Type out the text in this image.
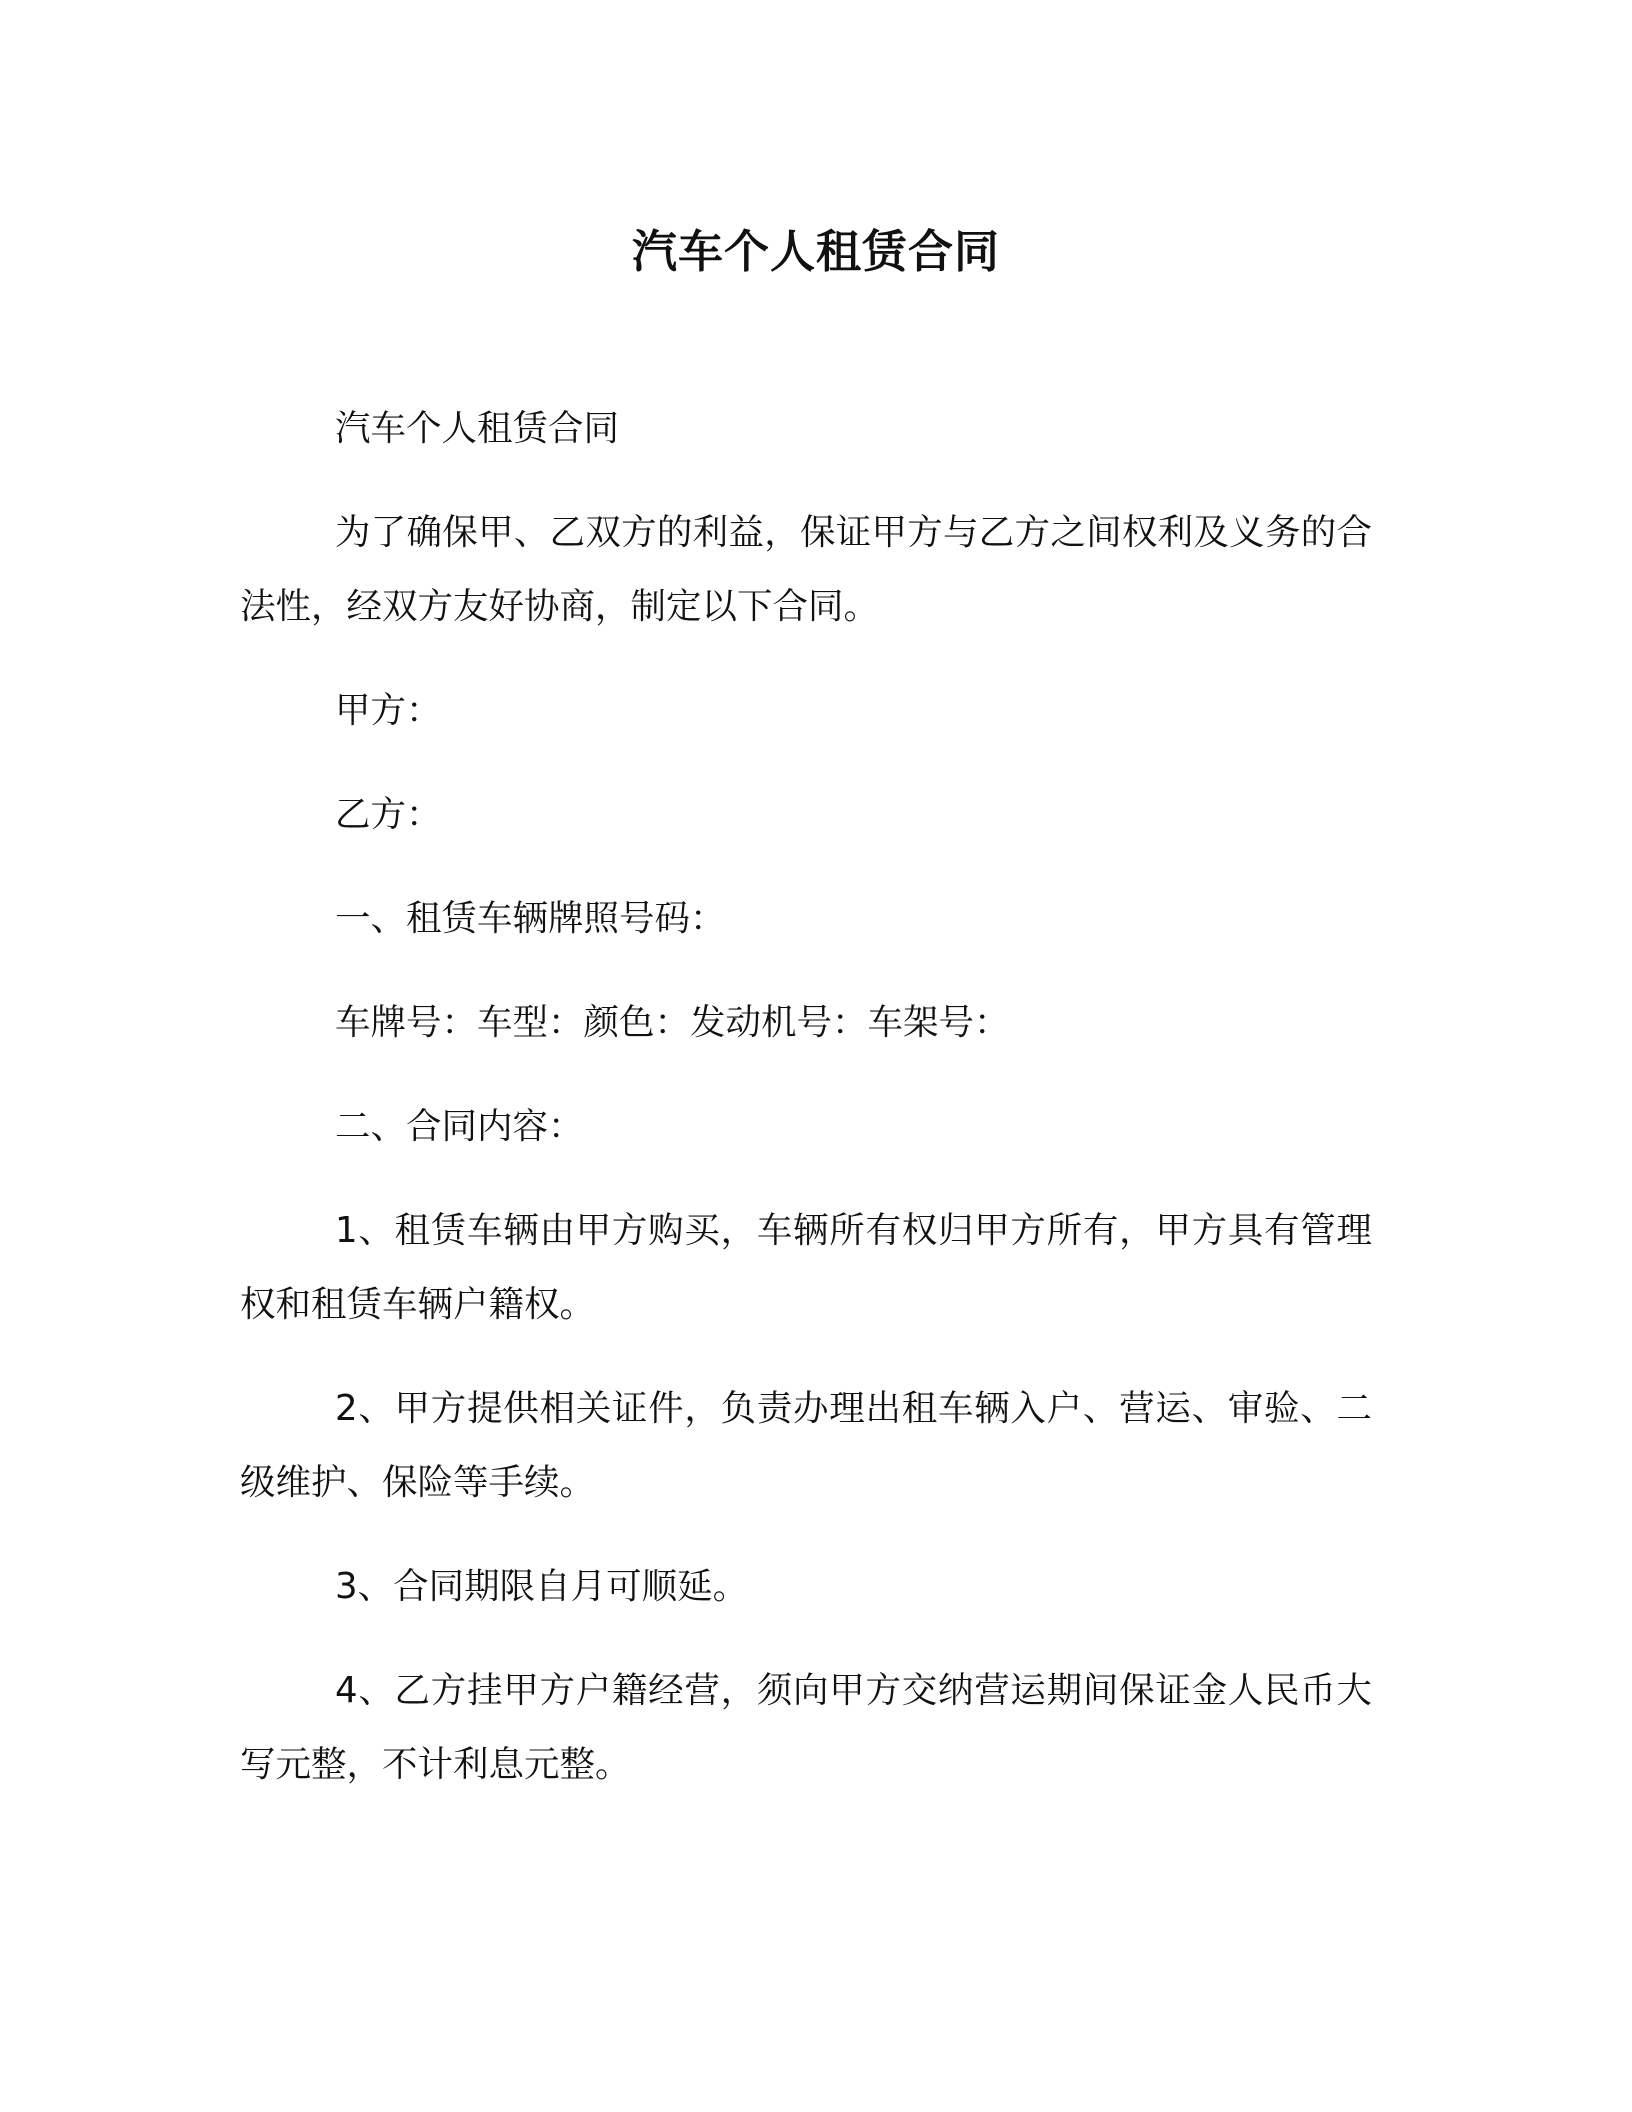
汽车个人租赁合同

汽车个人租赁合同

为了确保甲、乙双方的利益，保证甲方与乙方之间权利及义务的合法性，经双方友好协商，制定以下合同。

甲方：

乙方：

一、租赁车辆牌照号码：

车牌号：车型：颜色：发动机号：车架号：

二、合同内容：

1、租赁车辆由甲方购买，车辆所有权归甲方所有，甲方具有管理权和租赁车辆户籍权。

2、甲方提供相关证件，负责办理出租车辆入户、营运、审验、二级维护、保险等手续。

3、合同期限自月可顺延。

4、乙方挂甲方户籍经营，须向甲方交纳营运期间保证金人民币大写元整，不计利息元整。
